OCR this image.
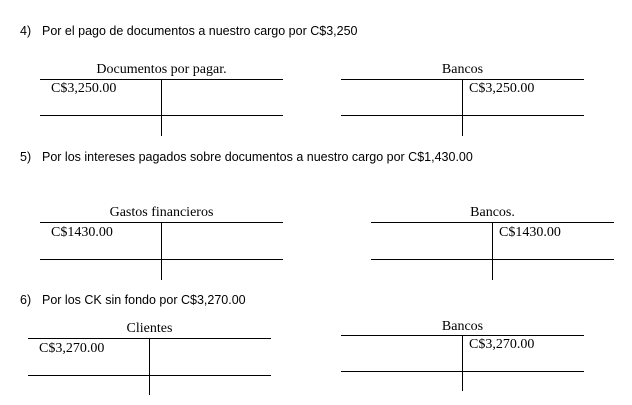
4) Por el pago de documentos a nuestro cargo por C$3,250
Documentos por pagar.
C$3,250.00
Bancos
C$3,250.00
5) Por los intereses pagados sobre documentos a nuestro cargo por C$1,430.00
Gastos financieros
C$1430.00
Bancos.
C$1430.00
6) Por los CK sin fondo por C$3,270.00
Clientes
C$3,270.00
Bancos
C$3,270.00
